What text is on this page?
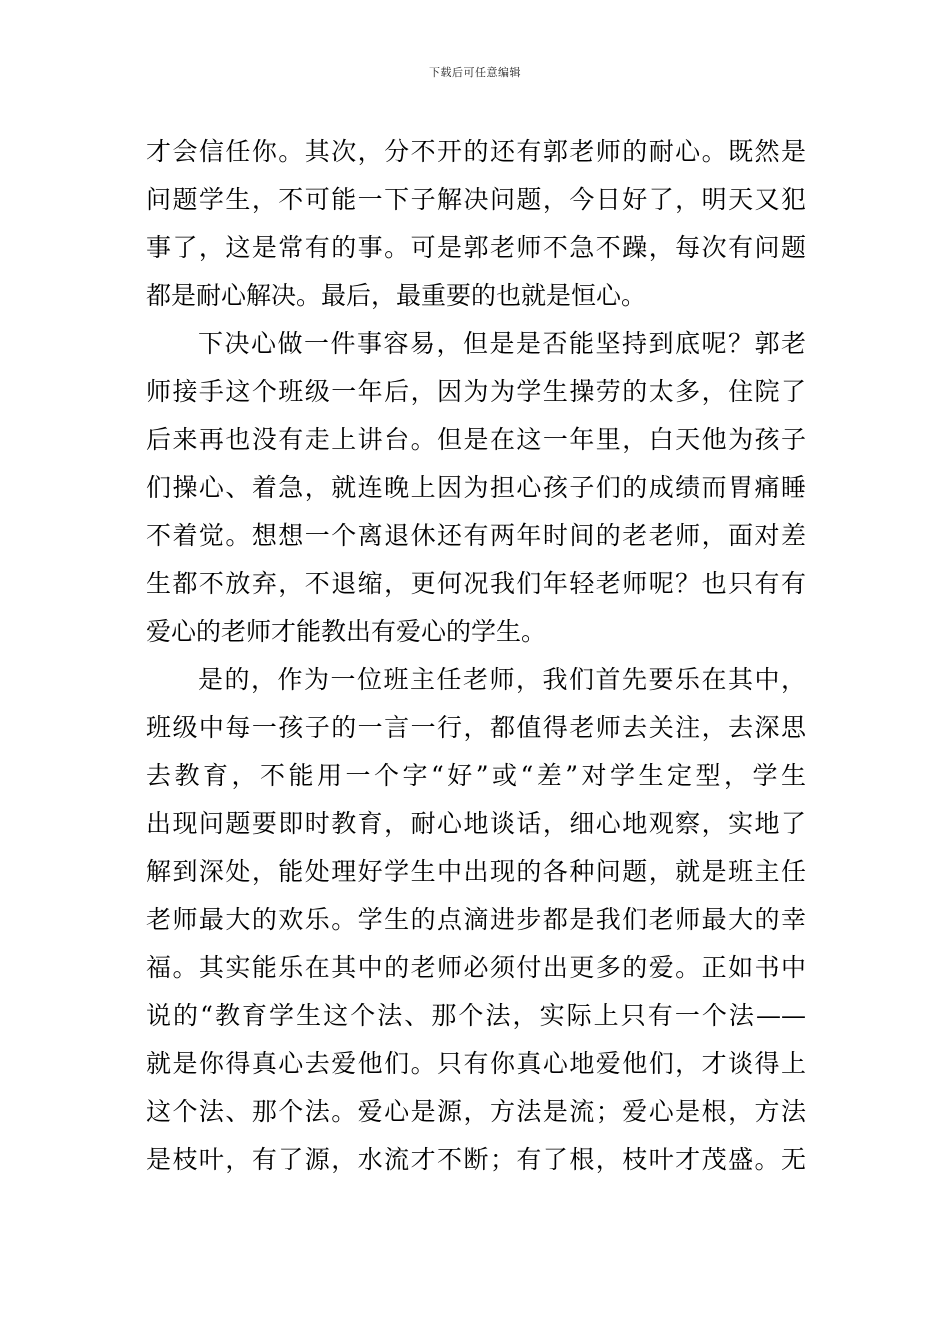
下载后可任意编辑
才会信任你。其次，分不开的还有郭老师的耐心。既然是
问题学生，不可能一下子解决问题，今日好了，明天又犯
事了，这是常有的事。可是郭老师不急不躁，每次有问题
都是耐心解决。最后，最重要的也就是恒心。
下决心做一件事容易，但是是否能坚持到底呢？郭老
师接手这个班级一年后，因为为学生操劳的太多，住院了
后来再也没有走上讲台。但是在这一年里，白天他为孩子
们操心、着急，就连晚上因为担心孩子们的成绩而胃痛睡
不着觉。想想一个离退休还有两年时间的老老师，面对差
生都不放弃，不退缩，更何况我们年轻老师呢？也只有有
爱心的老师才能教出有爱心的学生。
是的，作为一位班主任老师，我们首先要乐在其中，
班级中每一孩子的一言一行，都值得老师去关注，去深思
去教育，不能用一个字“好”或“差”对学生定型，学生
出现问题要即时教育，耐心地谈话，细心地观察，实地了
解到深处，能处理好学生中出现的各种问题，就是班主任
老师最大的欢乐。学生的点滴进步都是我们老师最大的幸
福。其实能乐在其中的老师必须付出更多的爱。正如书中
说的“教育学生这个法、那个法，实际上只有一个法——
就是你得真心去爱他们。只有你真心地爱他们，才谈得上
这个法、那个法。爱心是源，方法是流；爱心是根，方法
是枝叶，有了源，水流才不断；有了根，枝叶才茂盛。无
